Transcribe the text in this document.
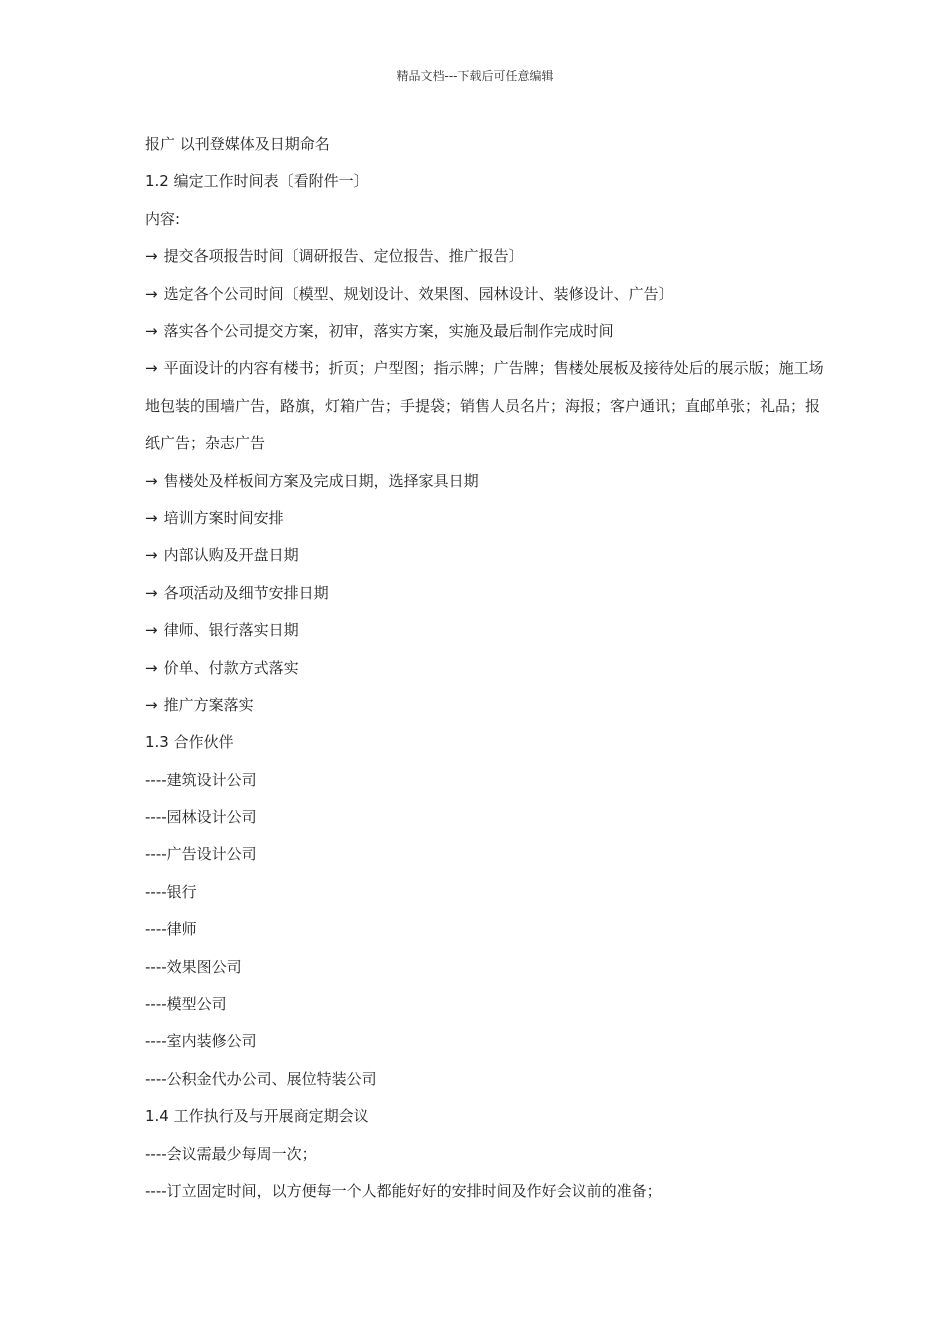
精品文档---下载后可任意编辑
报广 以刊登媒体及日期命名
1.2 编定工作时间表〔看附件一〕
内容:
→ 提交各项报告时间〔调研报告、定位报告、推广报告〕
→ 选定各个公司时间〔模型、规划设计、效果图、园林设计、装修设计、广告〕
→ 落实各个公司提交方案，初审，落实方案，实施及最后制作完成时间
→ 平面设计的内容有楼书；折页；户型图；指示牌；广告牌；售楼处展板及接待处后的展示版；施工场地包装的围墙广告，路旗，灯箱广告；手提袋；销售人员名片；海报；客户通讯；直邮单张；礼品；报纸广告；杂志广告
→ 售楼处及样板间方案及完成日期，选择家具日期
→ 培训方案时间安排
→ 内部认购及开盘日期
→ 各项活动及细节安排日期
→ 律师、银行落实日期
→ 价单、付款方式落实
→ 推广方案落实
1.3 合作伙伴
----建筑设计公司
----园林设计公司
----广告设计公司
----银行
----律师
----效果图公司
----模型公司
----室内装修公司
----公积金代办公司、展位特装公司
1.4 工作执行及与开展商定期会议
----会议需最少每周一次；
----订立固定时间，以方便每一个人都能好好的安排时间及作好会议前的准备；
